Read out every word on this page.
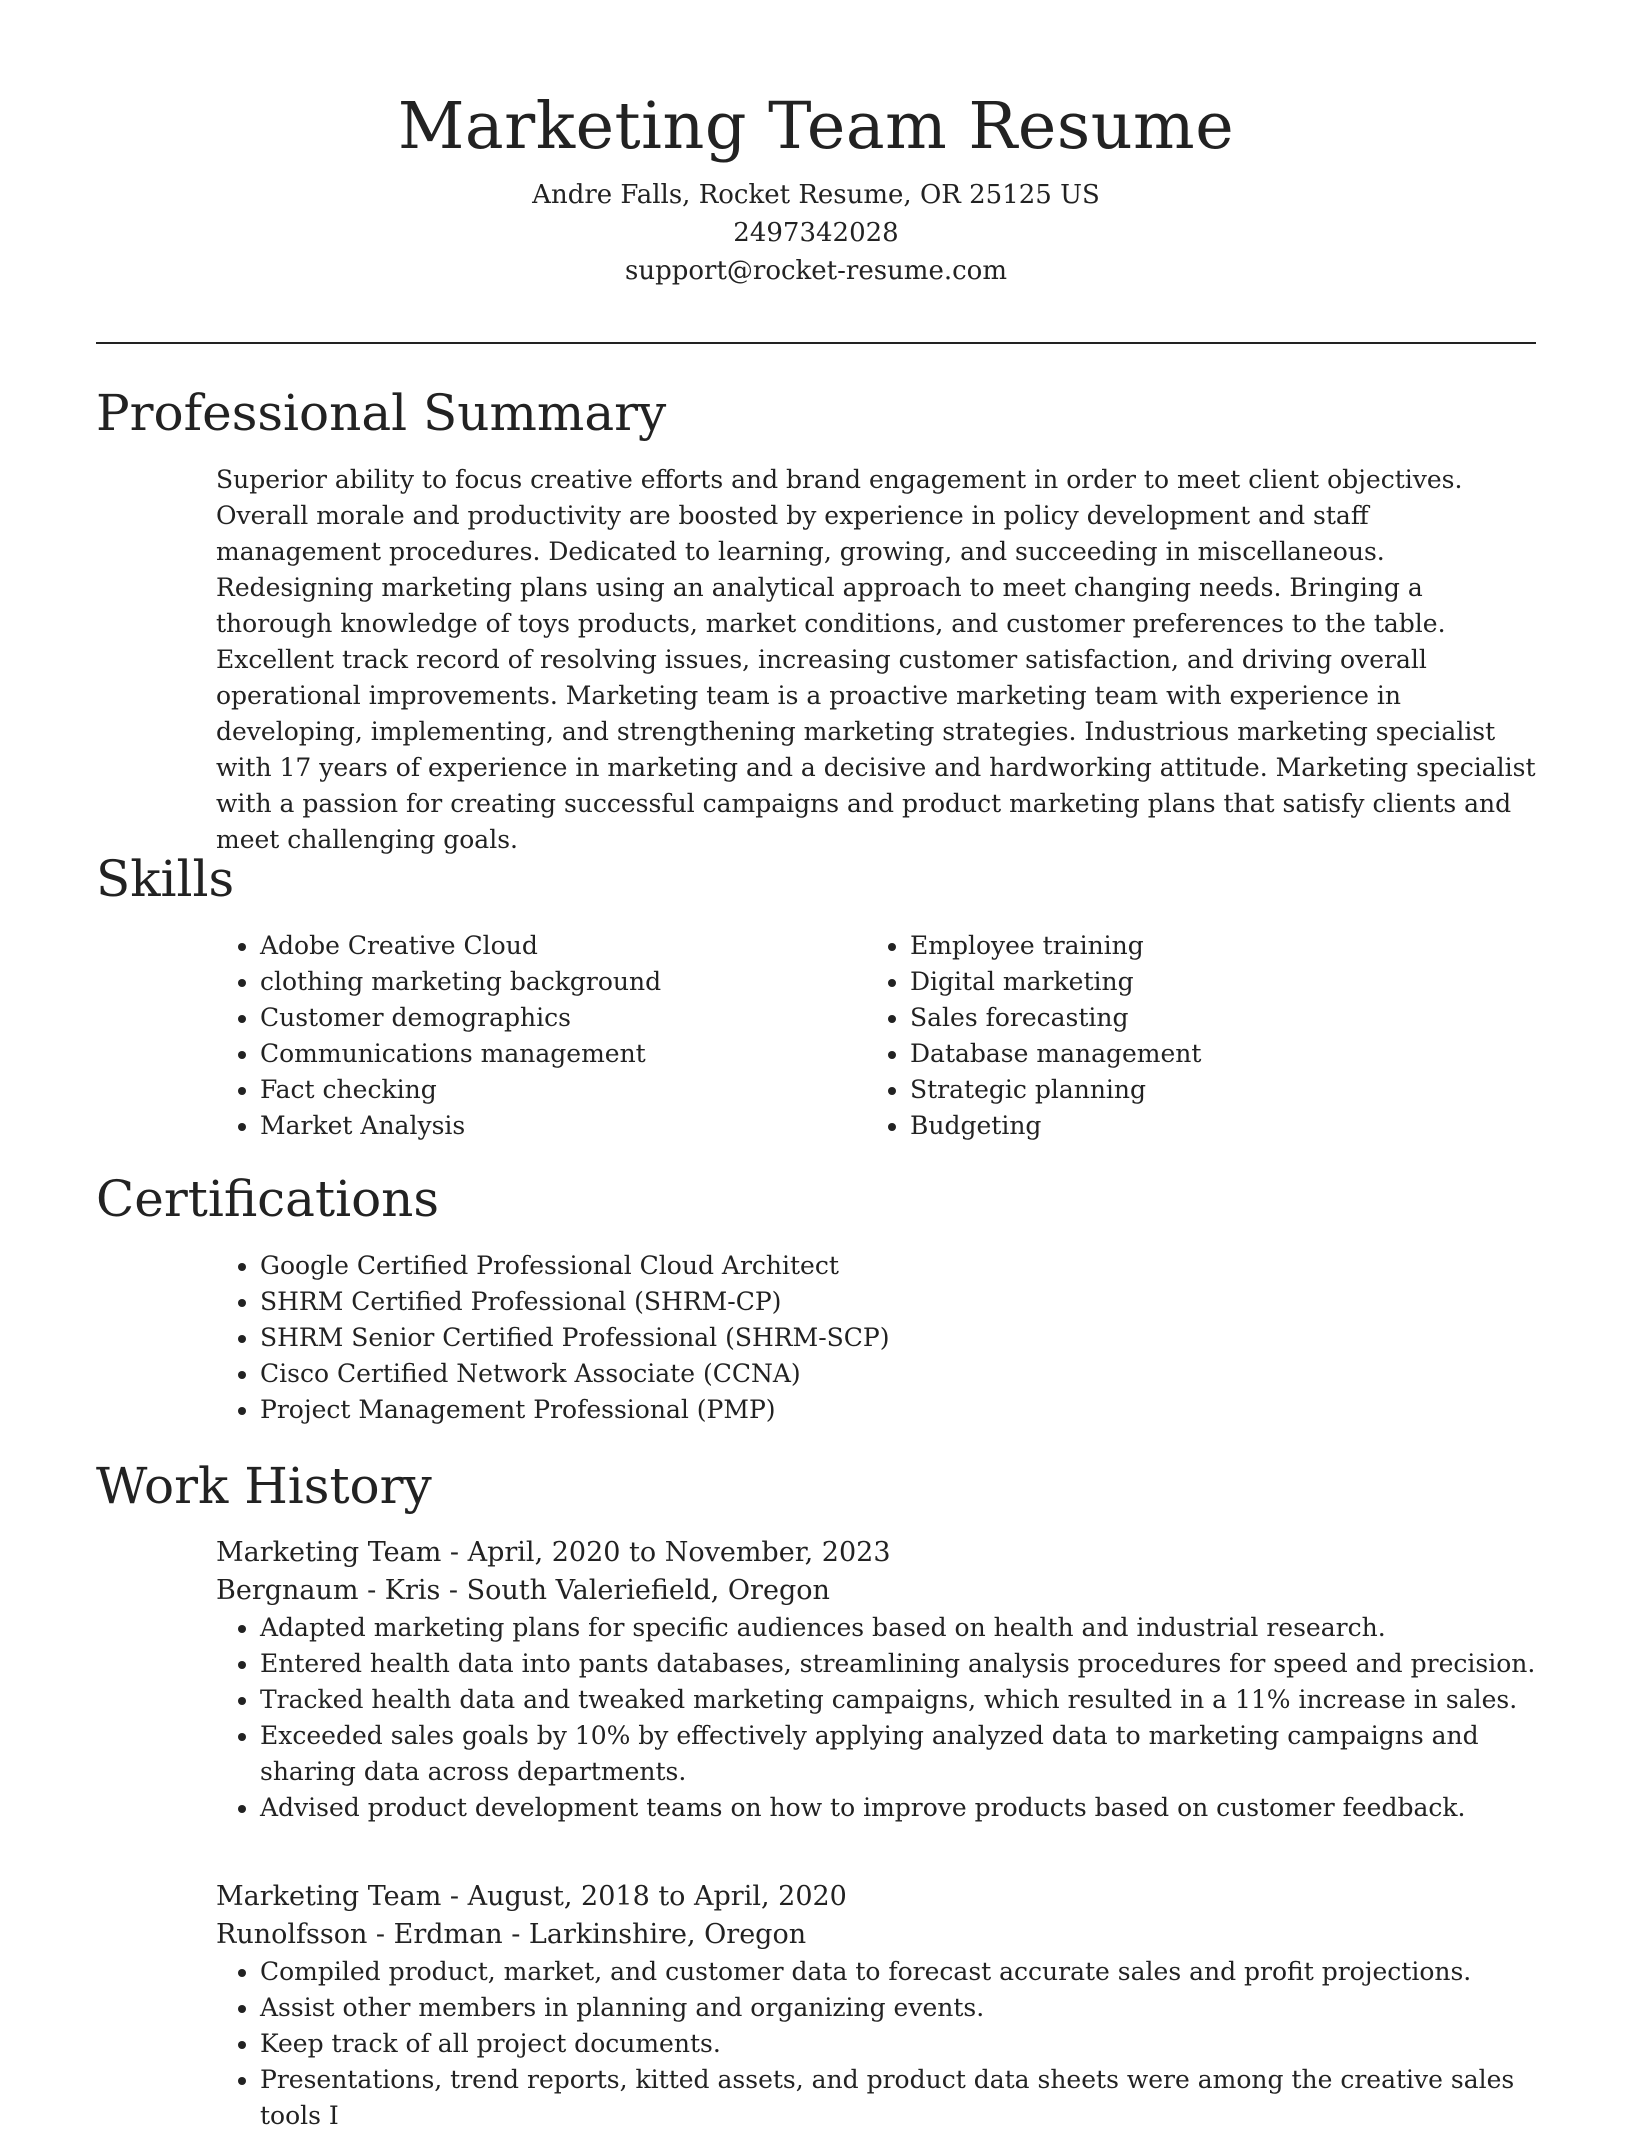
Marketing Team Resume
Andre Falls, Rocket Resume, OR 25125 US
2497342028
support@rocket-resume.com
Professional Summary
Superior ability to focus creative efforts and brand engagement in order to meet client objectives. Overall morale and productivity are boosted by experience in policy development and staff management procedures. Dedicated to learning, growing, and succeeding in miscellaneous. Redesigning marketing plans using an analytical approach to meet changing needs. Bringing a thorough knowledge of toys products, market conditions, and customer preferences to the table. Excellent track record of resolving issues, increasing customer satisfaction, and driving overall operational improvements. Marketing team is a proactive marketing team with experience in developing, implementing, and strengthening marketing strategies. Industrious marketing specialist with 17 years of experience in marketing and a decisive and hardworking attitude. Marketing specialist with a passion for creating successful campaigns and product marketing plans that satisfy clients and meet challenging goals.
Skills
• Adobe Creative Cloud
• clothing marketing background
• Customer demographics
• Communications management
• Fact checking
• Market Analysis
• Employee training
• Digital marketing
• Sales forecasting
• Database management
• Strategic planning
• Budgeting
Certifications
• Google Certified Professional Cloud Architect
• SHRM Certified Professional (SHRM-CP)
• SHRM Senior Certified Professional (SHRM-SCP)
• Cisco Certified Network Associate (CCNA)
• Project Management Professional (PMP)
Work History
Marketing Team - April, 2020 to November, 2023
Bergnaum - Kris - South Valeriefield, Oregon
• Adapted marketing plans for specific audiences based on health and industrial research.
• Entered health data into pants databases, streamlining analysis procedures for speed and precision.
• Tracked health data and tweaked marketing campaigns, which resulted in a 11% increase in sales.
• Exceeded sales goals by 10% by effectively applying analyzed data to marketing campaigns and sharing data across departments.
• Advised product development teams on how to improve products based on customer feedback.
Marketing Team - August, 2018 to April, 2020
Runolfsson - Erdman - Larkinshire, Oregon
• Compiled product, market, and customer data to forecast accurate sales and profit projections.
• Assist other members in planning and organizing events.
• Keep track of all project documents.
• Presentations, trend reports, kitted assets, and product data sheets were among the creative sales tools I
